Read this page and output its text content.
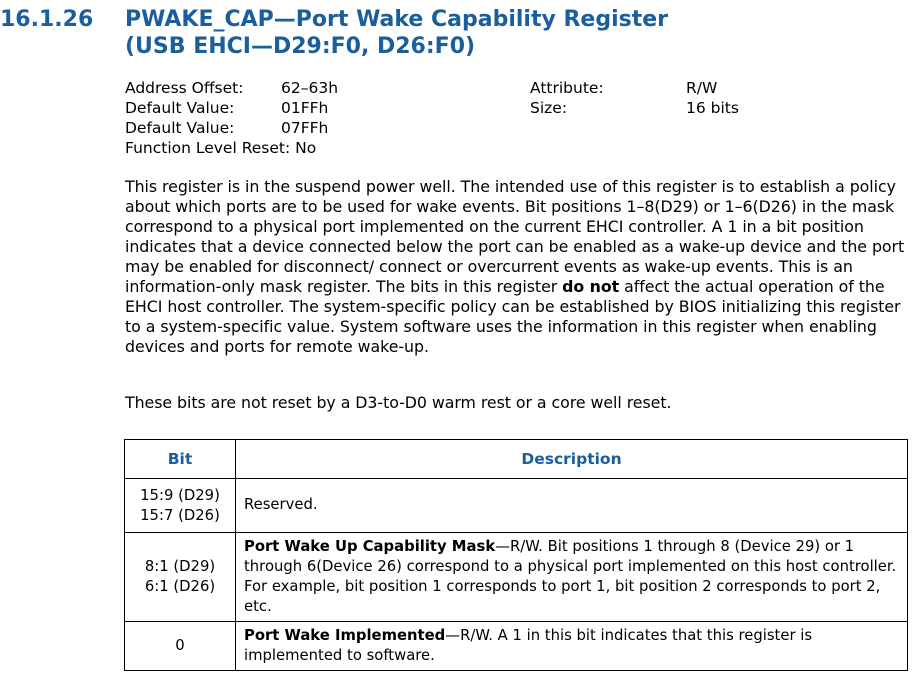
16.1.26 PWAKE_CAP—Port Wake Capability Register
(USB EHCI—D29:F0, D26:F0)
Address Offset: 62–63h
Default Value:	01FFh
Default Value:	07FFh
Function Level Reset: No
Attribute:	R/W
Size:	16 bits
This register is in the suspend power well. The intended use of this register is to establish a policy about which ports are to be used for wake events. Bit positions 1–8(D29) or 1–6(D26) in the mask correspond to a physical port implemented on the current EHCI controller. A 1 in a bit position indicates that a device connected below the port can be enabled as a wake-up device and the port may be enabled for disconnect/ connect or overcurrent events as wake-up events. This is an information-only mask register. The bits in this register do not affect the actual operation of the EHCI host controller. The system-specific policy can be established by BIOS initializing this register to a system-specific value. System software uses the information in this register when enabling devices and ports for remote wake-up.
These bits are not reset by a D3-to-D0 warm rest or a core well reset.
Bit	Description

15:9 (D29)
15:7 (D26)	Reserved.

8:1 (D29)
6:1 (D26)	Port Wake Up Capability Mask—R/W. Bit positions 1 through 8 (Device 29) or 1 through 6(Device 26) correspond to a physical port implemented on this host controller. For example, bit position 1 corresponds to port 1, bit position 2 corresponds to port 2, etc.

0	Port Wake Implemented—R/W. A 1 in this bit indicates that this register is implemented to software.
